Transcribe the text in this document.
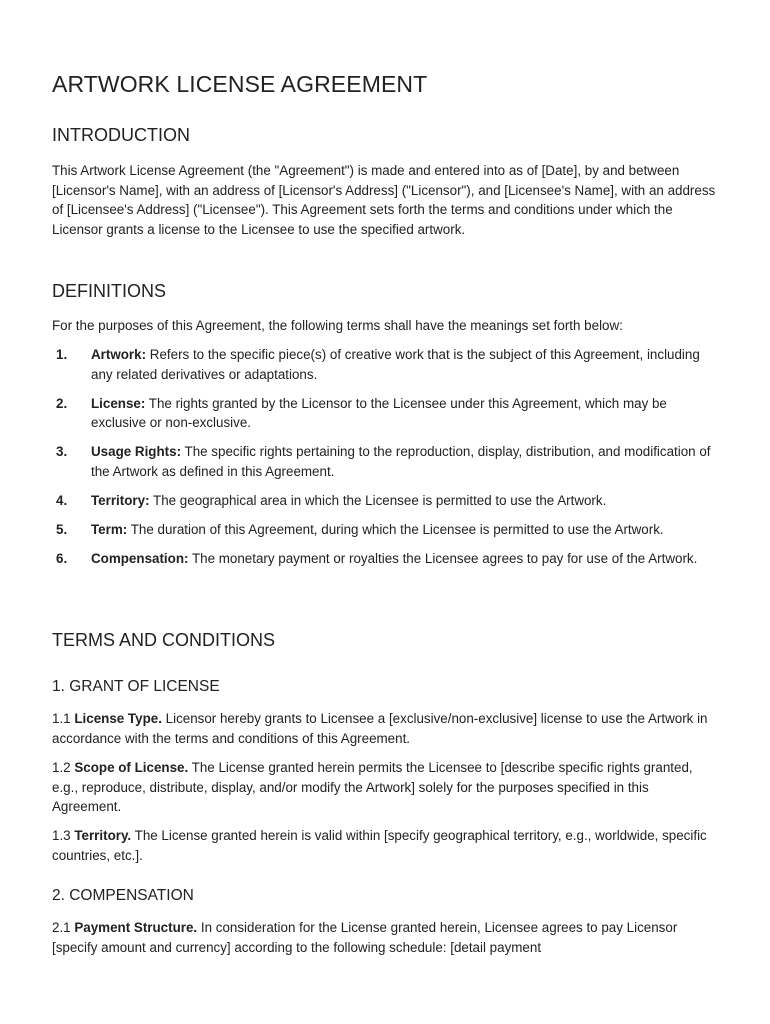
ARTWORK LICENSE AGREEMENT
INTRODUCTION

This Artwork License Agreement (the "Agreement") is made and entered into as of [Date], by and between [Licensor's Name], with an address of [Licensor's Address] ("Licensor"), and [Licensee's Name], with an address of [Licensee's Address] ("Licensee"). This Agreement sets forth the terms and conditions under which the Licensor grants a license to the Licensee to use the specified artwork.

DEFINITIONS

For the purposes of this Agreement, the following terms shall have the meanings set forth below:

1. Artwork: Refers to the specific piece(s) of creative work that is the subject of this Agreement, including any related derivatives or adaptations.
2. License: The rights granted by the Licensor to the Licensee under this Agreement, which may be exclusive or non-exclusive.
3. Usage Rights: The specific rights pertaining to the reproduction, display, distribution, and modification of the Artwork as defined in this Agreement.
4. Territory: The geographical area in which the Licensee is permitted to use the Artwork.
5. Term: The duration of this Agreement, during which the Licensee is permitted to use the Artwork.
6. Compensation: The monetary payment or royalties the Licensee agrees to pay for use of the Artwork.
TERMS AND CONDITIONS
1. GRANT OF LICENSE

1.1 License Type. Licensor hereby grants to Licensee a [exclusive/non-exclusive] license to use the Artwork in accordance with the terms and conditions of this Agreement.

1.2 Scope of License. The License granted herein permits the Licensee to [describe specific rights granted, e.g., reproduce, distribute, display, and/or modify the Artwork] solely for the purposes specified in this Agreement.

1.3 Territory. The License granted herein is valid within [specify geographical territory, e.g., worldwide, specific countries, etc.].

2. COMPENSATION

2.1 Payment Structure. In consideration for the License granted herein, Licensee agrees to pay Licensor [specify amount and currency] according to the following schedule: [detail payment
